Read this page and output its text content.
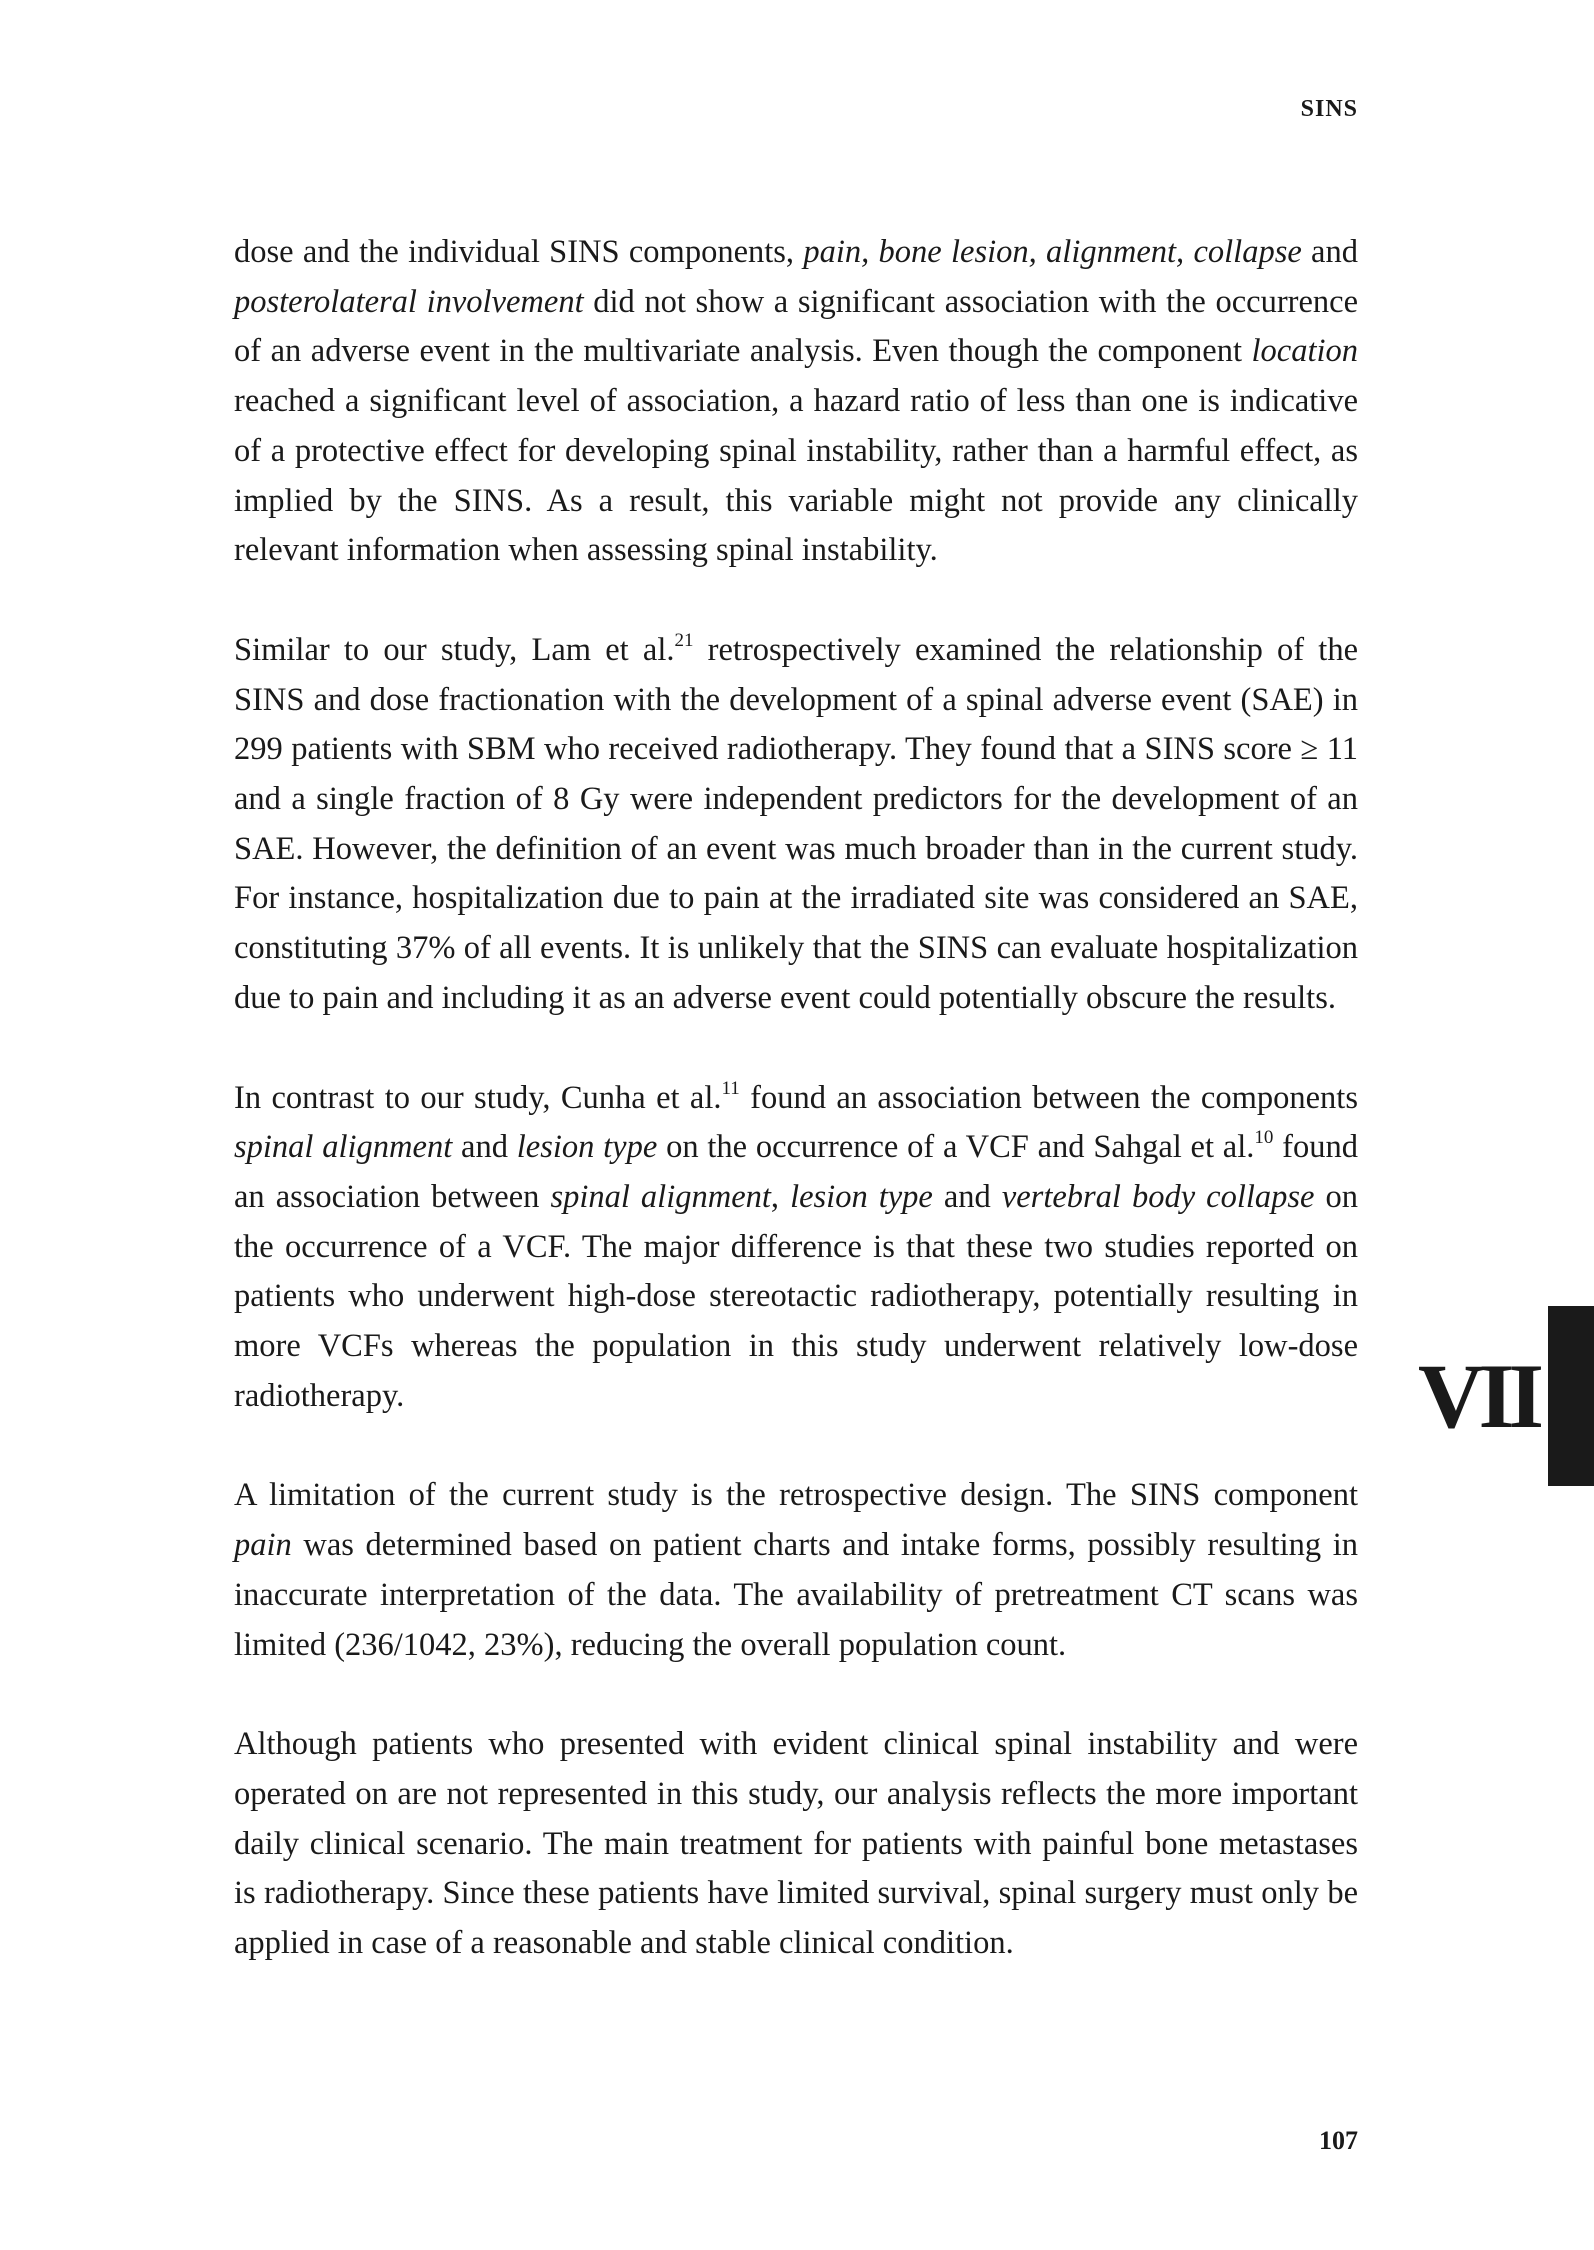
SINS

dose and the individual SINS components, pain, bone lesion, alignment, collapse and posterolateral involvement did not show a significant association with the occurrence of an adverse event in the multivariate analysis. Even though the component location reached a significant level of association, a hazard ratio of less than one is indicative of a protective effect for developing spinal instability, rather than a harmful effect, as implied by the SINS. As a result, this variable might not provide any clinically relevant information when assessing spinal instability.

Similar to our study, Lam et al.$^{21}$ retrospectively examined the relationship of the SINS and dose fractionation with the development of a spinal adverse event (SAE) in 299 patients with SBM who received radiotherapy. They found that a SINS score ≥ 11 and a single fraction of 8 Gy were independent predictors for the development of an SAE. However, the definition of an event was much broader than in the current study. For instance, hospitalization due to pain at the irradiated site was considered an SAE, constituting 37% of all events. It is unlikely that the SINS can evaluate hospitalization due to pain and including it as an adverse event could potentially obscure the results.

In contrast to our study, Cunha et al.$^{11}$ found an association between the components spinal alignment and lesion type on the occurrence of a VCF and Sahgal et al.$^{10}$ found an association between spinal alignment, lesion type and vertebral body collapse on the occurrence of a VCF. The major difference is that these two studies reported on patients who underwent high-dose stereotactic radiotherapy, potentially resulting in more VCFs whereas the population in this study underwent relatively low-dose radiotherapy.

A limitation of the current study is the retrospective design. The SINS component pain was determined based on patient charts and intake forms, possibly resulting in inaccurate interpretation of the data. The availability of pretreatment CT scans was limited (236/1042, 23%), reducing the overall population count.

Although patients who presented with evident clinical spinal instability and were operated on are not represented in this study, our analysis reflects the more important daily clinical scenario. The main treatment for patients with painful bone metastases is radiotherapy. Since these patients have limited survival, spinal surgery must only be applied in case of a reasonable and stable clinical condition.

VII
107
